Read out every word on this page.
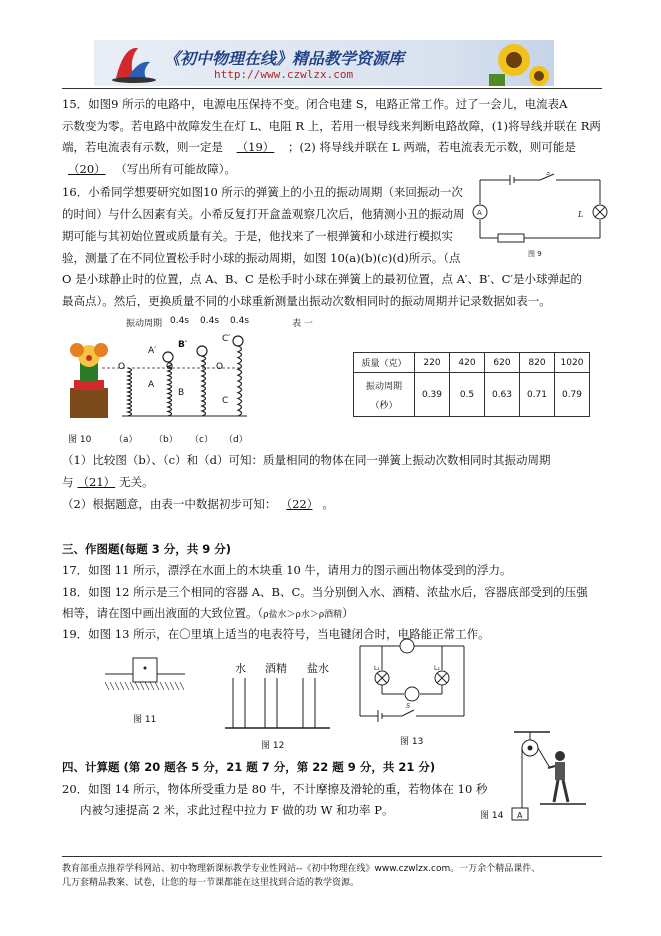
《初中物理在线》精品教学资源库
http://www.czwlzx.com
15．如图9 所示的电路中，电源电压保持不变。闭合电建 S，电路正常工作。过了一会儿，电流表A
示数变为零。若电路中故障发生在灯 L、电阻 R 上，若用一根导线来判断电路故障，(1)将导线并联在 R两
端，若电流表有示数，则一定是 （19） ；(2) 将导线并联在 L 两端，若电流表无示数，则可能是
（20） （写出所有可能故障）。
A	L
S
图 9
16．小希同学想要研究如图10 所示的弹簧上的小丑的振动周期（来回振动一次
的时间）与什么因素有关。小希反复打开盒盖观察几次后，他猜测小丑的振动周
期可能与其初始位置或质量有关。于是，他找来了一根弹簧和小球进行模拟实
验，测量了在不同位置松手时小球的振动周期，如图 10(a)(b)(c)(d)所示。（点
O 是小球静止时的位置，点 A、B、C 是松手时小球在弹簧上的最初位置，点 A′、B′、C′是小球弹起的
最高点）。然后，更换质量不同的小球重新测量出振动次数相同时的振动周期并记录数据如表一。
振动周期 0.4s 0.4s 0.4s	表 一
A′
B′
C′
A
B
C
O	O	O
图 10	（a） （b） （c） （d）
质量（克）	220	420	620	820	1020

振动周期
（秒）	0.39	0.5	0.63	0.71	0.79
（1）比较图（b）、（c）和（d）可知：质量相同的物体在同一弹簧上振动次数相同时其振动周期
与 （21） 无关。
（2）根据题意，由表一中数据初步可知： （22） 。
三、作图题(每题 3 分，共 9 分)
17．如图 11 所示，漂浮在水面上的木块重 10 牛，请用力的图示画出物体受到的浮力。
18．如图 12 所示是三个相同的容器 A、B、C。当分别倒入水、酒精、浓盐水后，容器底部受到的压强
相等，请在图中画出液面的大致位置。（ρ盐水＞ρ水＞ρ酒精）
19．如图 13 所示，在〇里填上适当的电表符号，当电键闭合时，电路能正常工作。
图 11
水 酒精 盐水
图 12
L₁	L₂
S
图 13
四、计算题 (第 20 题各 5 分，21 题 7 分，第 22 题 9 分，共 21 分)
20．如图 14 所示，物体所受重力是 80 牛，不计摩擦及滑轮的重，若物体在 10 秒
内被匀速提高 2 米，求此过程中拉力 F 做的功 W 和功率 P。	A
图 14
教育部重点推荐学科网站、初中物理新课标教学专业性网站--《初中物理在线》www.czwlzx.com。一万余个精品课件、
几万套精品教案、试卷，让您的每一节课都能在这里找到合适的教学资源。
